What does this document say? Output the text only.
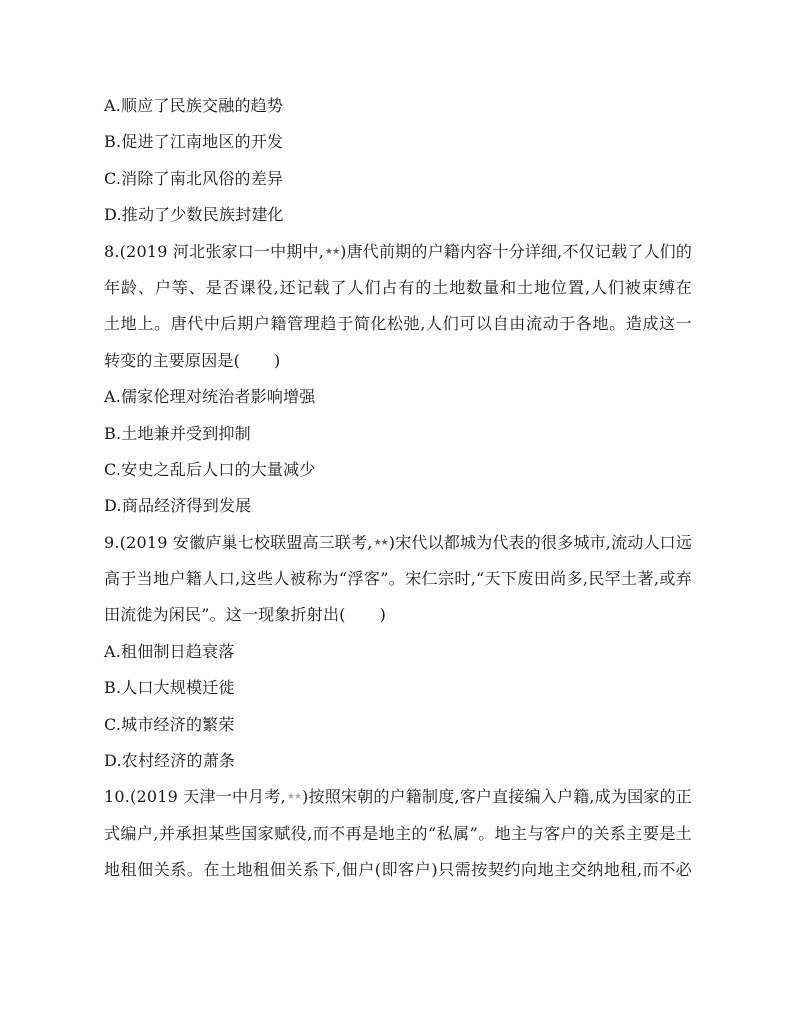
A.顺应了民族交融的趋势
B.促进了江南地区的开发
C.消除了南北风俗的差异
D.推动了少数民族封建化
8.(2019 河北张家口一中期中,★★)唐代前期的户籍内容十分详细,不仅记载了人们的
年龄、户等、是否课役,还记载了人们占有的土地数量和土地位置,人们被束缚在
土地上。唐代中后期户籍管理趋于简化松弛,人们可以自由流动于各地。造成这一
转变的主要原因是( )
A.儒家伦理对统治者影响增强
B.土地兼并受到抑制
C.安史之乱后人口的大量减少
D.商品经济得到发展
9.(2019 安徽庐巢七校联盟高三联考,★★)宋代以都城为代表的很多城市,流动人口远
高于当地户籍人口,这些人被称为“浮客”。宋仁宗时,“天下废田尚多,民罕土著,或弃
田流徙为闲民”。这一现象折射出( )
A.租佃制日趋衰落
B.人口大规模迁徙
C.城市经济的繁荣
D.农村经济的萧条
10.(2019 天津一中月考,★★)按照宋朝的户籍制度,客户直接编入户籍,成为国家的正
式编户,并承担某些国家赋役,而不再是地主的“私属”。地主与客户的关系主要是土
地租佃关系。在土地租佃关系下,佃户(即客户)只需按契约向地主交纳地租,而不必
